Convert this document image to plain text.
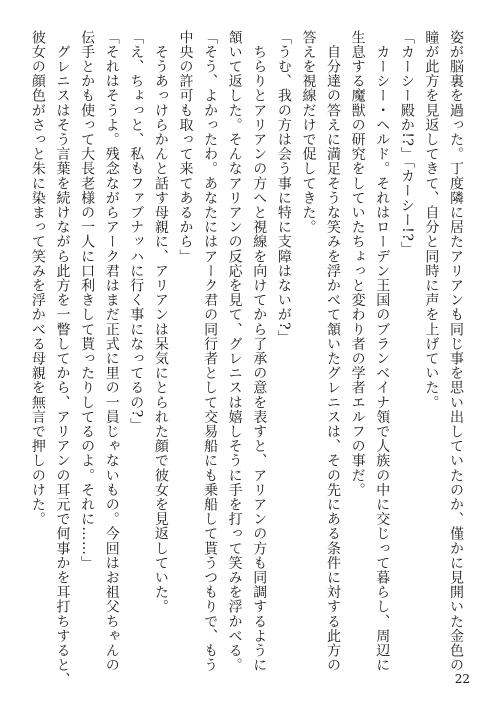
姿が脳裏を過った。丁度隣に居たアリアンも同じ事を思い出していたのか、僅かに見開いた金色の
瞳が此方を見返してきて、自分と同時に声を上げていた。
「カーシー殿か!?」「カーシー!?」
　カーシー・ヘルド。それはローデン王国のブランベイナ領で人族の中に交じって暮らし、周辺に
生息する魔獣の研究をしていたちょっと変わり者の学者エルフの事だ。
　自分達の答えに満足そうな笑みを浮かべて頷いたグレニスは、その先にある条件に対する此方の
答えを視線だけで促してきた。
「うむ、我の方は会う事に特に支障はないが?」
　ちらりとアリアンの方へと視線を向けてから了承の意を表すと、アリアンの方も同調するように
頷いて返した。そんなアリアンの反応を見て、グレニスは嬉しそうに手を打って笑みを浮かべる。
「そう、よかったわ。あなたにはアーク君の同行者として交易船にも乗船して貰うつもりで、もう
中央の許可も取って来てあるから」
　そうあっけらかんと話す母親に、アリアンは呆気にとられた顔で彼女を見返していた。
「え、ちょっと、私もファブナッハに行く事になってるの?」
「それはそうよ。残念ながらアーク君はまだ正式に里の一員じゃないもの。今回はお祖父ちゃんの
伝手とかも使って大長老様の一人に口利きして貰ったりしてるのよ。それに……」
　グレニスはそう言葉を続けながら此方を一瞥してから、アリアンの耳元で何事かを耳打ちすると、
彼女の顔色がさっと朱に染まって笑みを浮かべる母親を無言で押しのけた。
22
